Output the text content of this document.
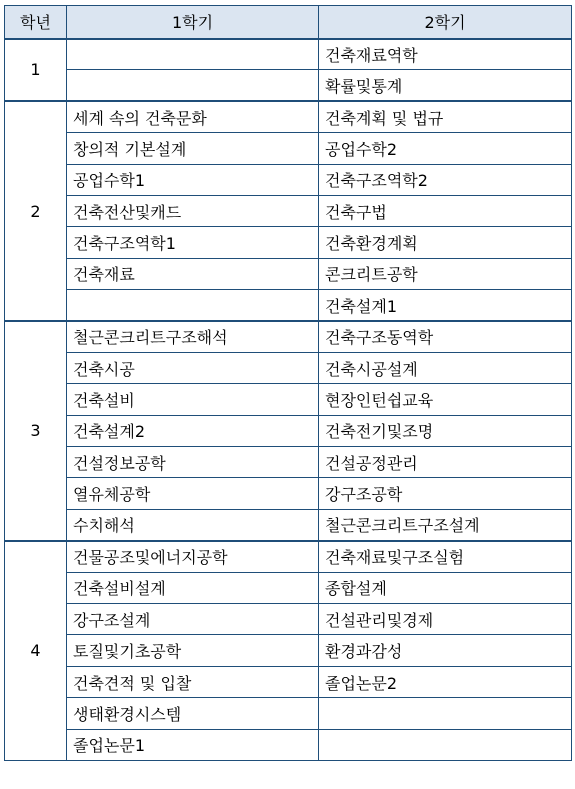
학년	1학기	2학기
1		건축재료역학
		확률및통계
2	세계 속의 건축문화	건축계획 및 법규
	창의적 기본설계	공업수학2
	공업수학1	건축구조역학2
	건축전산및캐드	건축구법
	건축구조역학1	건축환경계획
	건축재료	콘크리트공학
		건축설계1
3	철근콘크리트구조해석	건축구조동역학
	건축시공	건축시공설계
	건축설비	현장인턴쉽교육
	건축설계2	건축전기및조명
	건설정보공학	건설공정관리
	열유체공학	강구조공학
	수치해석	철근콘크리트구조설계
4	건물공조및에너지공학	건축재료및구조실험
	건축설비설계	종합설계
	강구조설계	건설관리및경제
	토질및기초공학	환경과감성
	건축견적 및 입찰	졸업논문2
	생태환경시스템	
	졸업논문1	
